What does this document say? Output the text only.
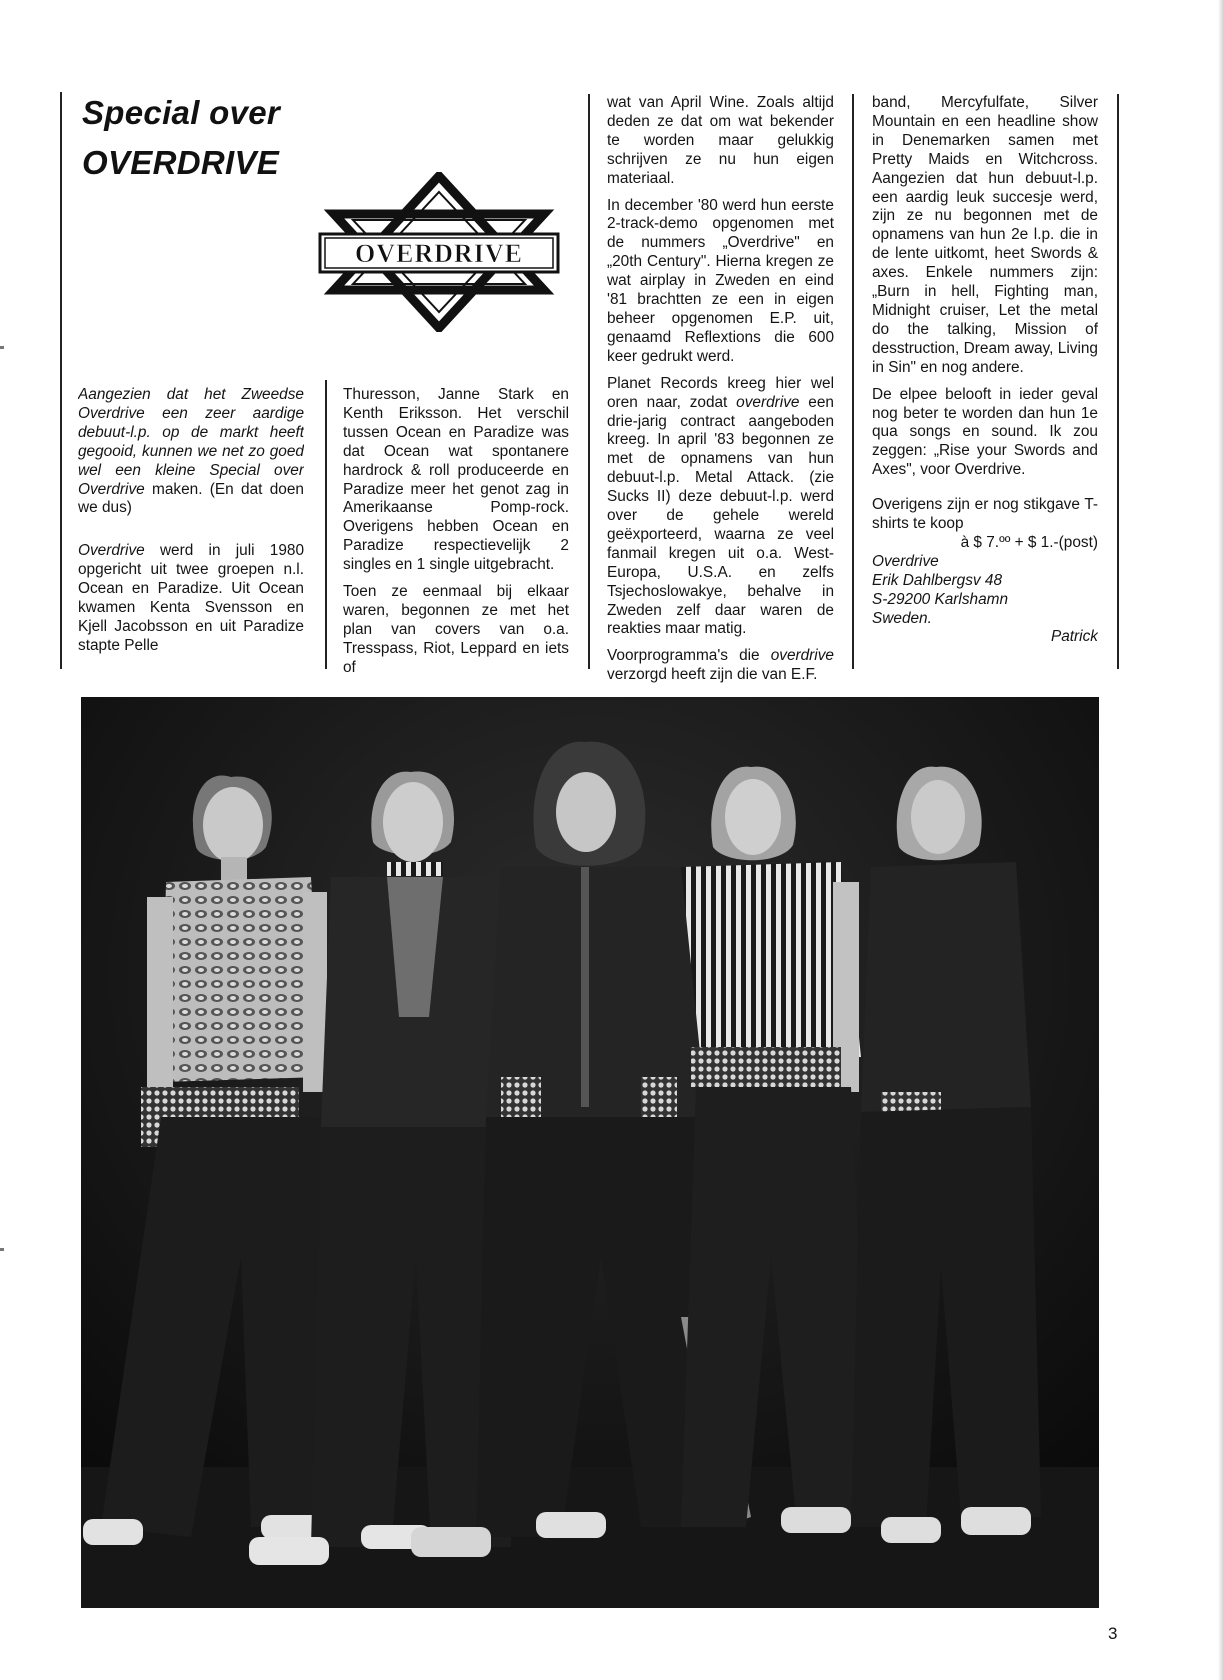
Special over
OVERDRIVE
OVERDRIVE

Aangezien dat het Zweedse Overdrive een zeer aardige debuut-l.p. op de markt heeft gegooid, kunnen we net zo goed wel een kleine Special over Overdrive maken. (En dat doen we dus)

Overdrive werd in juli 1980 opgericht uit twee groepen n.l. Ocean en Paradize. Uit Ocean kwamen Kenta Svensson en Kjell Jacobsson en uit Paradize stapte Pelle

Thuresson, Janne Stark en Kenth Eriksson. Het verschil tussen Ocean en Paradize was dat Ocean wat spontanere hardrock & roll produceerde en Paradize meer het genot zag in Amerikaanse Pomp-rock. Overigens hebben Ocean en Paradize respectievelijk 2 singles en 1 single uitgebracht.

Toen ze eenmaal bij elkaar waren, begonnen ze met het plan van covers van o.a. Tresspass, Riot, Leppard en iets of

wat van April Wine. Zoals altijd deden ze dat om wat bekender te worden maar gelukkig schrijven ze nu hun eigen materiaal.

In december '80 werd hun eerste 2-track-demo opgenomen met de nummers „Overdrive" en „20th Century". Hierna kregen ze wat airplay in Zweden en eind '81 brachtten ze een in eigen beheer opgenomen E.P. uit, genaamd Reflextions die 600 keer gedrukt werd.

Planet Records kreeg hier wel oren naar, zodat overdrive een drie-jarig contract aangeboden kreeg. In april '83 begonnen ze met de opnamens van hun debuut-l.p. Metal Attack. (zie Sucks II) deze debuut-l.p. werd over de gehele wereld geëxporteerd, waarna ze veel fanmail kregen uit o.a. West-Europa, U.S.A. en zelfs Tsjechoslowakye, behalve in Zweden zelf daar waren de reakties maar matig.

Voorprogramma's die overdrive verzorgd heeft zijn die van E.F.

band, Mercyfulfate, Silver Mountain en een headline show in Denemarken samen met Pretty Maids en Witchcross. Aangezien dat hun debuut-l.p. een aardig leuk succesje werd, zijn ze nu begonnen met de opnamens van hun 2e l.p. die in de lente uitkomt, heet Swords & axes. Enkele nummers zijn: „Burn in hell, Fighting man, Midnight cruiser, Let the metal do the talking, Mission of desstruction, Dream away, Living in Sin" en nog andere.

De elpee belooft in ieder geval nog beter te worden dan hun 1e qua songs en sound. Ik zou zeggen: „Rise your Swords and Axes", voor Overdrive.

Overigens zijn er nog stikgave T-shirts te koop

à $ 7.ºº + $ 1.-(post)

Overdrive
Erik Dahlbergsv 48
S-29200 Karlshamn
Sweden.

Patrick

3
